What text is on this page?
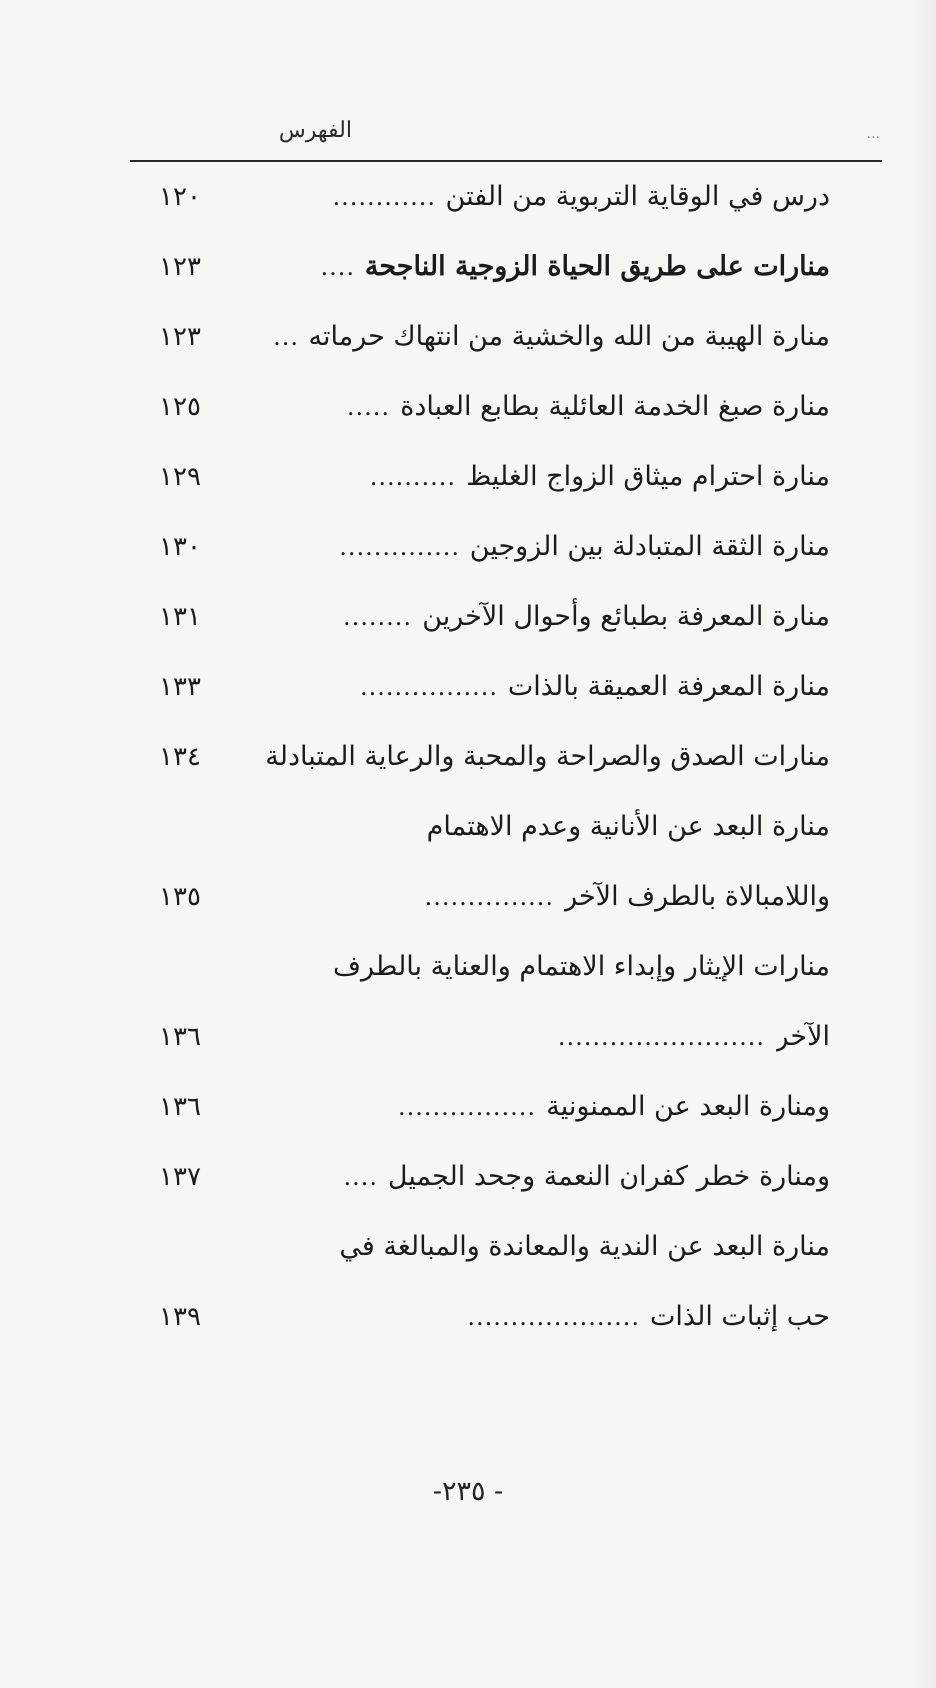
الفهرس	...
درس في الوقاية التربوية من الفتن
............
١٢٠
منارات على طريق الحياة الزوجية الناجحة
....
١٢٣
منارة الهيبة من الله والخشية من انتهاك حرماته
...
١٢٣
منارة صبغ الخدمة العائلية بطابع العبادة
.....
١٢٥
منارة احترام ميثاق الزواج الغليظ
..........
١٢٩
منارة الثقة المتبادلة بين الزوجين
..............
١٣٠
منارة المعرفة بطبائع وأحوال الآخرين
........
١٣١
منارة المعرفة العميقة بالذات
................
١٣٣
منارات الصدق والصراحة والمحبة والرعاية المتبادلة
١٣٤
منارة البعد عن الأنانية وعدم الاهتمام
واللامبالاة بالطرف الآخر
...............
١٣٥
منارات الإيثار وإبداء الاهتمام والعناية بالطرف
الآخر
........................
١٣٦
ومنارة البعد عن الممنونية
................
١٣٦
ومنارة خطر كفران النعمة وجحد الجميل
....
١٣٧
منارة البعد عن الندية والمعاندة والمبالغة في
حب إثبات الذات
....................
١٣٩
-٢٣٥ -
